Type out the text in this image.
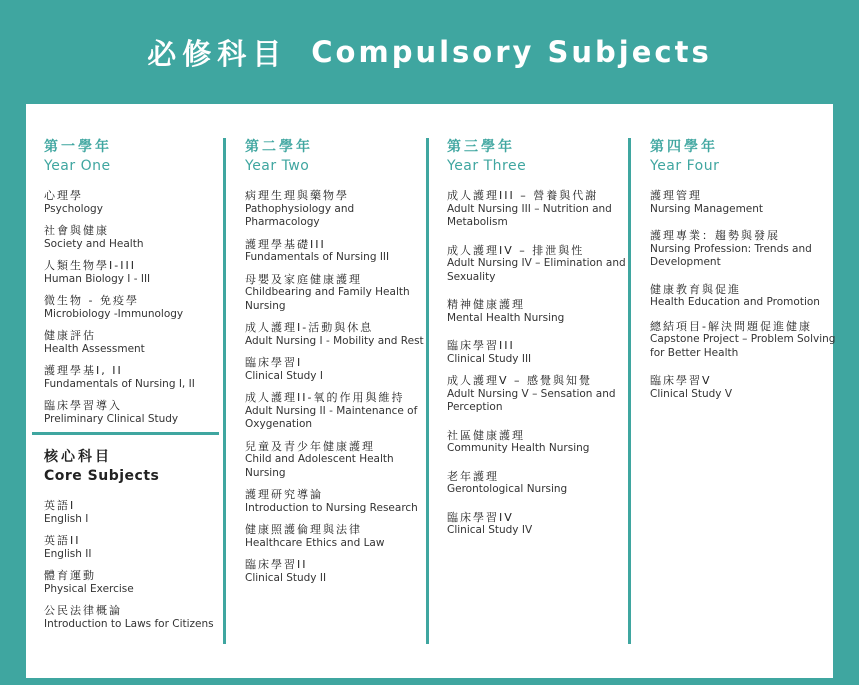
必修科目 Compulsory Subjects
第一學年
Year One
心理學
Psychology
社會與健康
Society and Health
人類生物學I-III
Human Biology I - III
微生物 - 免疫學
Microbiology -Immunology
健康評估
Health Assessment
護理學基I, II
Fundamentals of Nursing I, II
臨床學習導入
Preliminary Clinical Study
核心科目
Core Subjects
英語I
English I
英語II
English II
體育運動
Physical Exercise
公民法律概論
Introduction to Laws for Citizens
第二學年
Year Two
病理生理與藥物學
Pathophysiology and Pharmacology
護理學基礎III
Fundamentals of Nursing III
母嬰及家庭健康護理
Childbearing and Family Health Nursing
成人護理I-活動與休息
Adult Nursing I - Mobility and Rest
臨床學習I
Clinical Study I
成人護理II-氧的作用與維持
Adult Nursing II - Maintenance of Oxygenation
兒童及青少年健康護理
Child and Adolescent Health Nursing
護理研究導論
Introduction to Nursing Research
健康照護倫理與法律
Healthcare Ethics and Law
臨床學習II
Clinical Study II
第三學年
Year Three
成人護理III – 營養與代謝
Adult Nursing III – Nutrition and Metabolism
成人護理IV – 排泄與性
Adult Nursing IV – Elimination and Sexuality
精神健康護理
Mental Health Nursing
臨床學習III
Clinical Study III
成人護理V – 感覺與知覺
Adult Nursing V – Sensation and Perception
社區健康護理
Community Health Nursing
老年護理
Gerontological Nursing
臨床學習IV
Clinical Study IV
第四學年
Year Four
護理管理
Nursing Management
護理專業：趨勢與發展
Nursing Profession: Trends and Development
健康教育與促進
Health Education and Promotion
總結項目-解決問題促進健康
Capstone Project – Problem Solving for Better Health
臨床學習V
Clinical Study V
